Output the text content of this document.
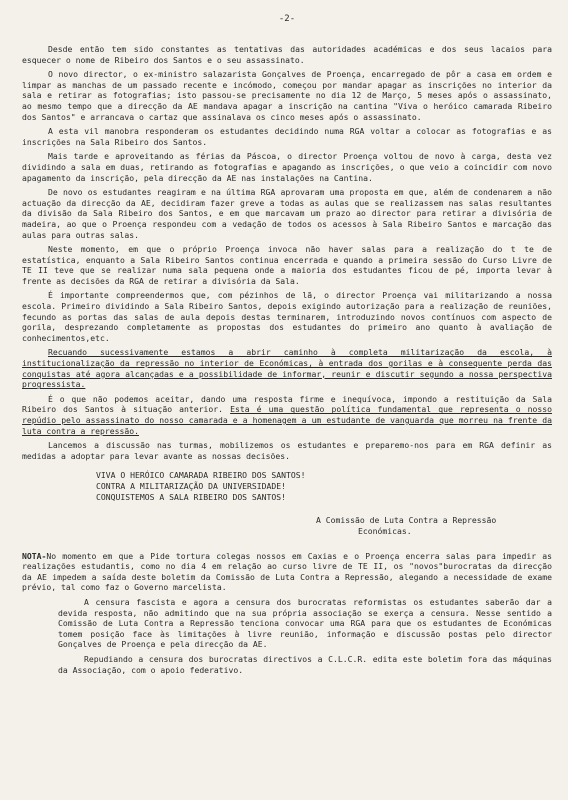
-2-

Desde então tem sido constantes as tentativas das autoridades académicas e dos seus lacaios para esquecer o nome de Ribeiro dos Santos e o seu assassinato.

O novo director, o ex-ministro salazarista Gonçalves de Proença, encarregado de pôr a casa em ordem e limpar as manchas de um passado recente e incómodo, começou por mandar apagar as inscrições no interior da sala e retirar as fotografias; isto passou-se precisamente no dia 12 de Março, 5 meses após o assassinato, ao mesmo tempo que a direcção da AE mandava apagar a inscrição na cantina "Viva o heróico camarada Ribeiro dos Santos" e arrancava o cartaz que assinalava os cinco meses após o assassinato.

A esta vil manobra responderam os estudantes decidindo numa RGA voltar a colocar as fotografias e as inscrições na Sala Ribeiro dos Santos.

Mais tarde e aproveitando as férias da Páscoa, o director Proença voltou de novo à carga, desta vez dividindo a sala em duas, retirando as fotografias e apagando as inscrições, o que veio a coincidir com novo apagamento da inscrição, pela direcção da AE nas instalações na Cantina.

De novo os estudantes reagiram e na última RGA aprovaram uma proposta em que, além de condenarem a não actuação da direcção da AE, decidiram fazer greve a todas as aulas que se realizassem nas salas resultantes da divisão da Sala Ribeiro dos Santos, e em que marcavam um prazo ao director para retirar a divisória de madeira, ao que o Proença respondeu com a vedação de todos os acessos à Sala Ribeiro Santos e marcação das aulas para outras salas.

Neste momento, em que o próprio Proença invoca não haver salas para a realização do t te de estatística, enquanto a Sala Ribeiro Santos continua encerrada e quando a primeira sessão do Curso Livre de TE II teve que se realizar numa sala pequena onde a maioria dos estudantes ficou de pé, importa levar à frente as decisões da RGA de retirar a divisória da Sala.

É importante compreendermos que, com pézinhos de lã, o director Proença vai militarizando a nossa escola. Primeiro dividindo a Sala Ribeiro Santos, depois exigindo autorização para a realização de reuniões, fecundo as portas das salas de aula depois destas terminarem, introduzindo novos contínuos com aspecto de gorila, desprezando completamente as propostas dos estudantes do primeiro ano quanto à avaliação de conhecimentos,etc.

Recuando sucessivamente estamos a abrir caminho à completa militarização da escola, à institucionalização da repressão no interior de Económicas, à entrada dos gorilas e à consequente perda das conquistas até agora alcançadas e a possibilidade de informar, reunir e discutir segundo a nossa perspectiva progressista.

É o que não podemos aceitar, dando uma resposta firme e inequívoca, impondo a restituição da Sala Ribeiro dos Santos à situação anterior. Esta é uma questão política fundamental que representa o nosso repúdio pelo assassinato do nosso camarada e a homenagem a um estudante de vanguarda que morreu na frente da luta contra a repressão.

Lancemos a discussão nas turmas, mobilizemos os estudantes e preparemo-nos para em RGA definir as medidas a adoptar para levar avante as nossas decisões.

VIVA O HERÓICO CAMARADA RIBEIRO DOS SANTOS!
CONTRA A MILITARIZAÇÃO DA UNIVERSIDADE!
CONQUISTEMOS A SALA RIBEIRO DOS SANTOS!
A Comissão de Luta Contra a Repressão
Económicas.

NOTA-No momento em que a Pide tortura colegas nossos em Caxias e o Proença encerra salas para impedir as realizações estudantis, como no dia 4 em relação ao curso livre de TE II, os "novos"burocratas da direcção da AE impedem a saída deste boletim da Comissão de Luta Contra a Repressão, alegando a necessidade de exame prévio, tal como faz o Governo marcelista.

A censura fascista e agora a censura dos burocratas reformistas os estudantes saberão dar a devida resposta, não admitindo que na sua própria associação se exerça a censura. Nesse sentido a Comissão de Luta Contra a Repressão tenciona convocar uma RGA para que os estudantes de Económicas tomem posição face às limitações à livre reunião, informação e discussão postas pelo director Gonçalves de Proença e pela direcção da AE.

Repudiando a censura dos burocratas directivos a C.L.C.R. edita este boletim fora das máquinas da Associação, com o apoio federativo.
